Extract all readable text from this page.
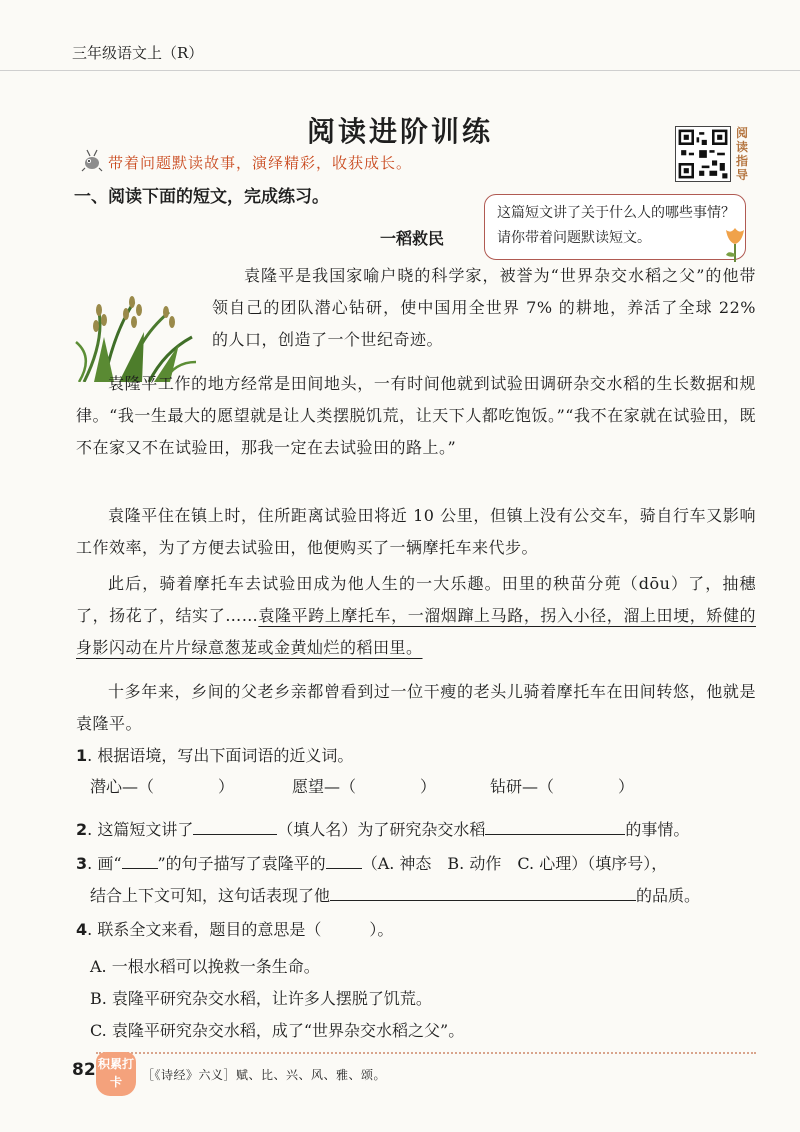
三年级语文上（R）
阅读进阶训练	阅读指导
带着问题默读故事，演绎精彩，收获成长。
一、阅读下面的短文，完成练习。
这篇短文讲了关于什么人的哪些事情？请你带着问题默读短文。
一稻救民
袁隆平是我国家喻户晓的科学家，被誉为“世界杂交水稻之父”的他带领自己的团队潜心钻研，使中国用全世界 7% 的耕地，养活了全球 22% 的人口，创造了一个世纪奇迹。
袁隆平工作的地方经常是田间地头，一有时间他就到试验田调研杂交水稻的生长数据和规律。“我一生最大的愿望就是让人类摆脱饥荒，让天下人都吃饱饭。”“我不在家就在试验田，既不在家又不在试验田，那我一定在去试验田的路上。”
袁隆平住在镇上时，住所距离试验田将近 10 公里，但镇上没有公交车，骑自行车又影响工作效率，为了方便去试验田，他便购买了一辆摩托车来代步。
此后，骑着摩托车去试验田成为他人生的一大乐趣。田里的秧苗分蔸（dōu）了，抽穗了，扬花了，结实了……袁隆平跨上摩托车，一溜烟蹿上马路，拐入小径，溜上田埂，矫健的身影闪动在片片绿意葱茏或金黄灿烂的稻田里。
十多年来，乡间的父老乡亲都曾看到过一位干瘦的老头儿骑着摩托车在田间转悠，他就是袁隆平。
1. 根据语境，写出下面词语的近义词。
潜心—（　　　　）	愿望—（　　　　）	钻研—（　　　　）
2. 这篇短文讲了	（填人名）为了研究杂交水稻	的事情。
3. 画“ ”的句子描写了袁隆平的 （A. 神态　B. 动作　C. 心理）（填序号），
结合上下文可知，这句话表现了他	的品质。
4. 联系全文来看，题目的意思是（　　　）。
A. 一根水稻可以挽救一条生命。
B. 袁隆平研究杂交水稻，让许多人摆脱了饥荒。
C. 袁隆平研究杂交水稻，成了“世界杂交水稻之父”。
82 积累打卡	［《诗经》六义］赋、比、兴、风、雅、颂。
